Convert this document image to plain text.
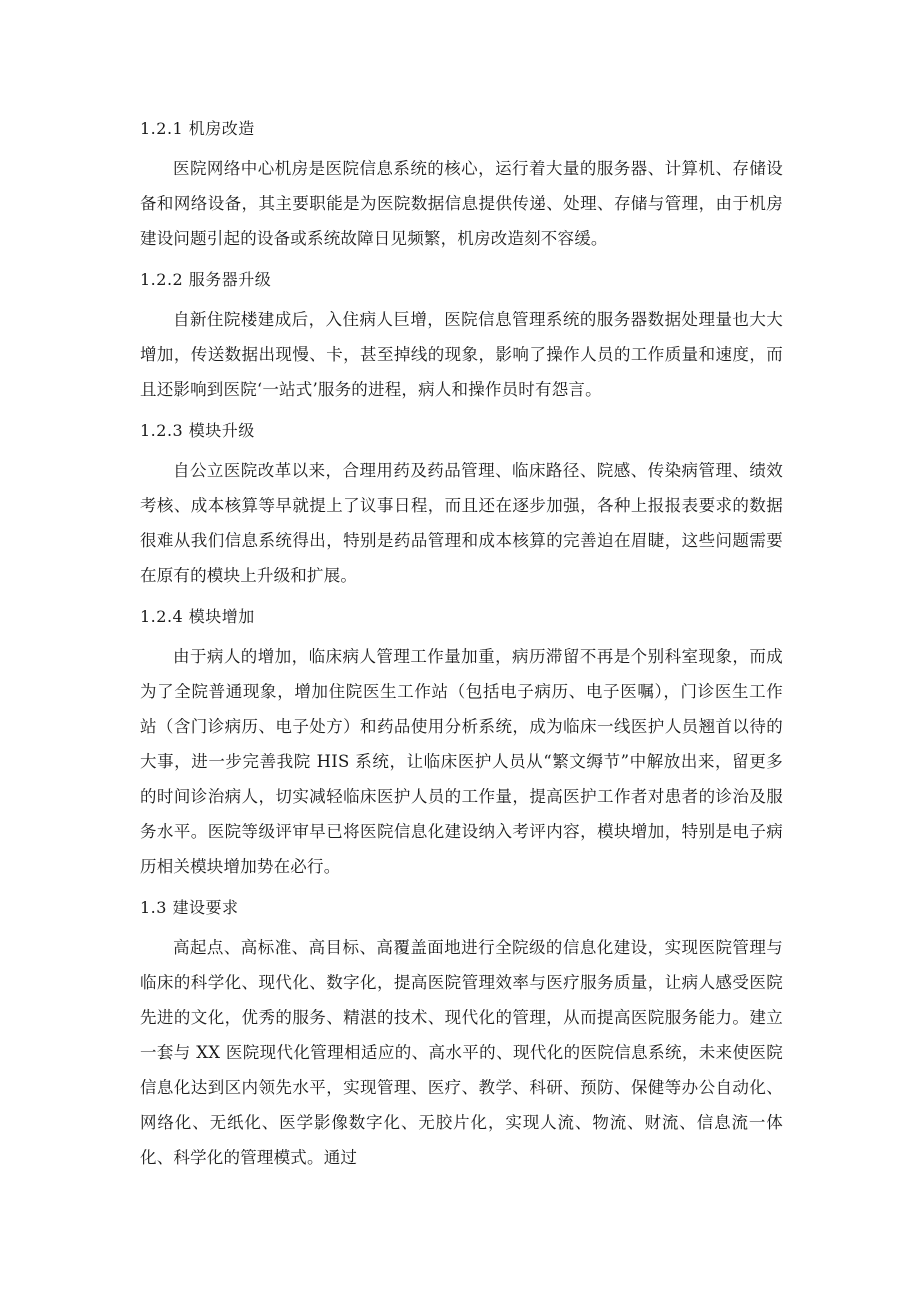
1.2.1 机房改造

医院网络中心机房是医院信息系统的核心，运行着大量的服务器、计算机、存储设备和网络设备，其主要职能是为医院数据信息提供传递、处理、存储与管理，由于机房建设问题引起的设备或系统故障日见频繁，机房改造刻不容缓。

1.2.2 服务器升级

自新住院楼建成后，入住病人巨增，医院信息管理系统的服务器数据处理量也大大增加，传送数据出现慢、卡，甚至掉线的现象，影响了操作人员的工作质量和速度，而且还影响到医院‘一站式’服务的进程，病人和操作员时有怨言。

1.2.3 模块升级

自公立医院改革以来，合理用药及药品管理、临床路径、院感、传染病管理、绩效考核、成本核算等早就提上了议事日程，而且还在逐步加强，各种上报报表要求的数据很难从我们信息系统得出，特别是药品管理和成本核算的完善迫在眉睫，这些问题需要在原有的模块上升级和扩展。

1.2.4 模块增加

由于病人的增加，临床病人管理工作量加重，病历滞留不再是个别科室现象，而成为了全院普通现象，增加住院医生工作站（包括电子病历、电子医嘱），门诊医生工作站（含门诊病历、电子处方）和药品使用分析系统，成为临床一线医护人员翘首以待的大事，进一步完善我院 HIS 系统，让临床医护人员从“繁文缛节”中解放出来，留更多的时间诊治病人，切实减轻临床医护人员的工作量，提高医护工作者对患者的诊治及服务水平。医院等级评审早已将医院信息化建设纳入考评内容，模块增加，特别是电子病历相关模块增加势在必行。

1.3 建设要求

高起点、高标准、高目标、高覆盖面地进行全院级的信息化建设，实现医院管理与临床的科学化、现代化、数字化，提高医院管理效率与医疗服务质量，让病人感受医院先进的文化，优秀的服务、精湛的技术、现代化的管理，从而提高医院服务能力。建立一套与 XX 医院现代化管理相适应的、高水平的、现代化的医院信息系统，未来使医院信息化达到区内领先水平，实现管理、医疗、教学、科研、预防、保健等办公自动化、网络化、无纸化、医学影像数字化、无胶片化，实现人流、物流、财流、信息流一体化、科学化的管理模式。通过
